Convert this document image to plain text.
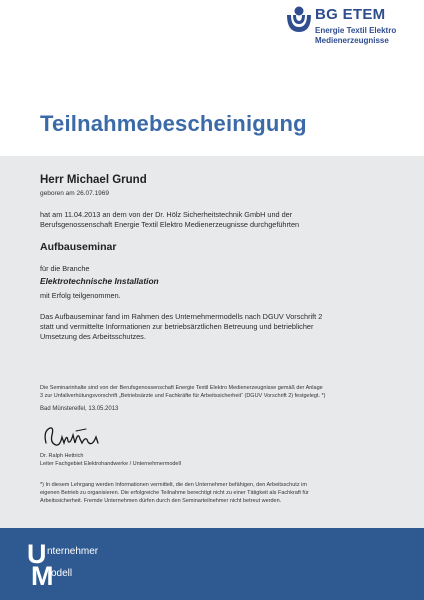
BG ETEM
Energie Textil Elektro
Medienerzeugnisse
Teilnahmebescheinigung
Herr Michael Grund
geboren am 26.07.1969
hat am 11.04.2013 an dem von der Dr. Hölz Sicherheitstechnik GmbH und der
Berufsgenossenschaft Energie Textil Elektro Medienerzeugnisse durchgeführten
Aufbauseminar
für die Branche
Elektrotechnische Installation
mit Erfolg teilgenommen.
Das Aufbauseminar fand im Rahmen des Unternehmermodells nach DGUV Vorschrift 2
statt und vermittelte Informationen zur betriebsärztlichen Betreuung und betrieblicher
Umsetzung des Arbeitsschutzes.
Die Seminarinhalte sind von der Berufsgenossenschaft Energie Textil Elektro Medienerzeugnisse gemäß der Anlage
3 zur Unfallverhütungsvorschrift „Betriebsärzte und Fachkräfte für Arbeitssicherheit“ (DGUV Vorschrift 2) festgelegt. *)
Bad Münstereifel, 13.05.2013
Dr. Ralph Hettrich
Leiter Fachgebiet Elektrohandwerke / Unternehmermodell
*) In diesem Lehrgang werden Informationen vermittelt, die den Unternehmer befähigen, den Arbeitsschutz im
eigenen Betrieb zu organisieren. Die erfolgreiche Teilnahme berechtigt nicht zu einer Tätigkeit als Fachkraft für
Arbeitssicherheit. Fremde Unternehmen dürfen durch den Seminarteilnehmer nicht betreut werden.
U
M
nternehmer
odell
